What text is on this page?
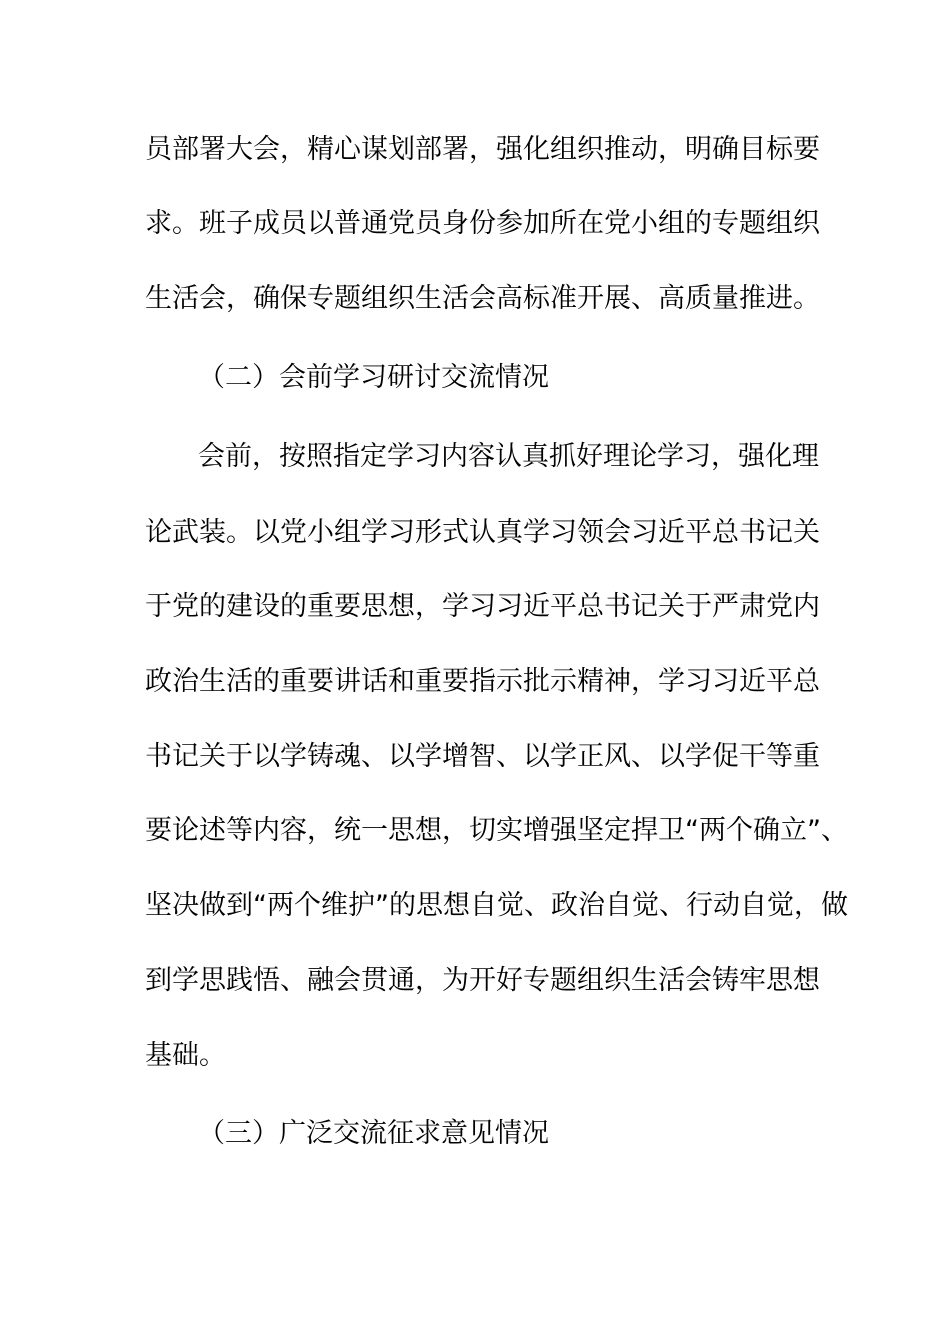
员部署大会，精心谋划部署，强化组织推动，明确目标要
求。班子成员以普通党员身份参加所在党小组的专题组织
生活会，确保专题组织生活会高标准开展、高质量推进。
（二）会前学习研讨交流情况
会前，按照指定学习内容认真抓好理论学习，强化理
论武装。以党小组学习形式认真学习领会习近平总书记关
于党的建设的重要思想，学习习近平总书记关于严肃党内
政治生活的重要讲话和重要指示批示精神，学习习近平总
书记关于以学铸魂、以学增智、以学正风、以学促干等重
要论述等内容，统一思想，切实增强坚定捍卫“两个确立”、
坚决做到“两个维护”的思想自觉、政治自觉、行动自觉，做
到学思践悟、融会贯通，为开好专题组织生活会铸牢思想
基础。
（三）广泛交流征求意见情况
